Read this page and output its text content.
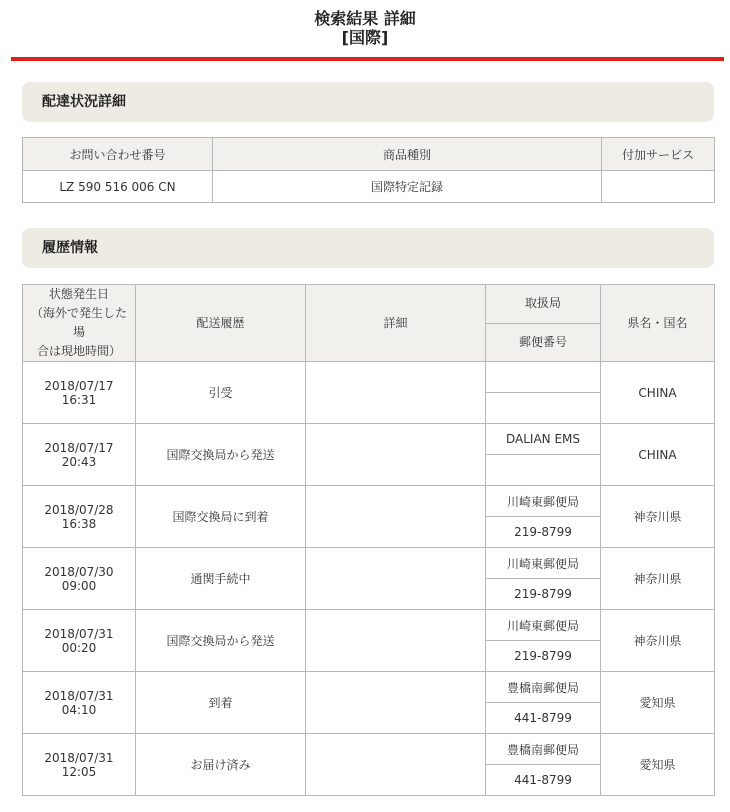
検索結果 詳細
[国際]
配達状況詳細
お問い合わせ番号	商品種別	付加サービス
LZ 590 516 006 CN	国際特定記録	
履歴情報
状態発生日
（海外で発生した場
合は現地時間）	配送履歴	詳細	取扱局	県名・国名
			郵便番号	
2018/07/17 16:31	引受			CHINA

2018/07/17 20:43	国際交換局から発送		DALIAN EMS	CHINA

2018/07/28 16:38	国際交換局に到着		川崎東郵便局	神奈川県
			219-8799	
2018/07/30 09:00	通関手続中		川崎東郵便局	神奈川県
			219-8799	
2018/07/31 00:20	国際交換局から発送		川崎東郵便局	神奈川県
			219-8799	
2018/07/31 04:10	到着		豊橋南郵便局	愛知県
			441-8799	
2018/07/31 12:05	お届け済み		豊橋南郵便局	愛知県
			441-8799	
